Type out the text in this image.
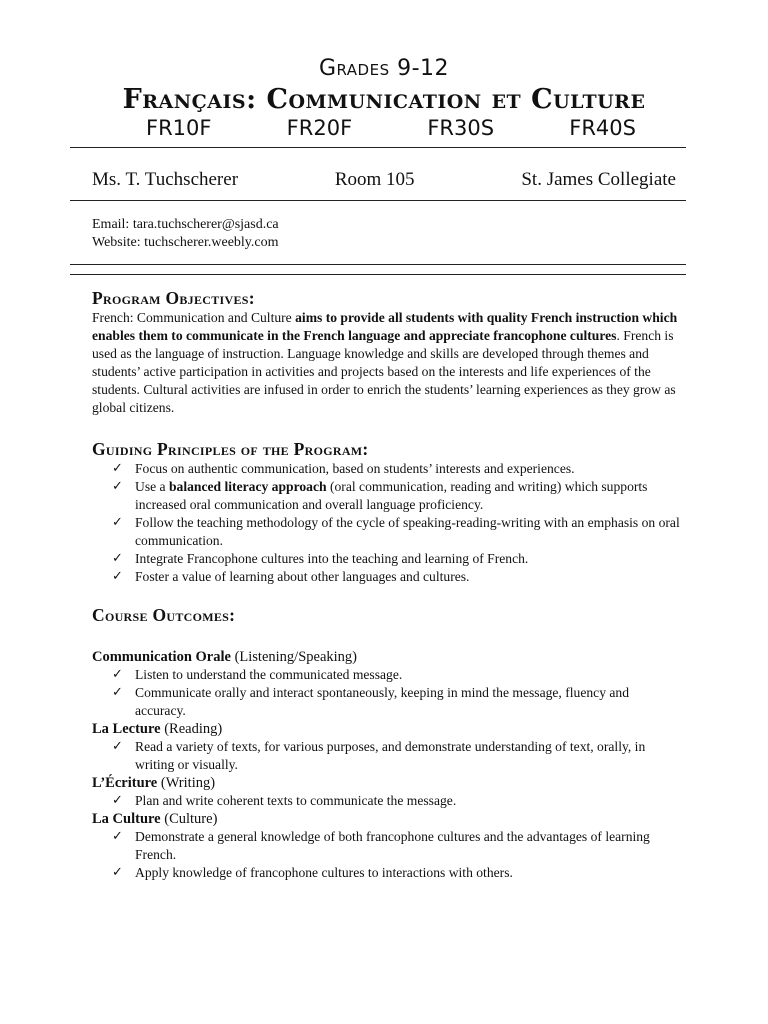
Grades 9-12
Français: Communication et Culture
FR10F	FR20F	FR30S	FR40S
Ms. T. Tuchscherer	Room 105	St. James Collegiate
Email: tara.tuchscherer@sjasd.ca
Website: tuchscherer.weebly.com
Program Objectives:

French: Communication and Culture aims to provide all students with quality French instruction which enables them to communicate in the French language and appreciate francophone cultures. French is used as the language of instruction. Language knowledge and skills are developed through themes and students’ active participation in activities and projects based on the interests and life experiences of the students. Cultural activities are infused in order to enrich the students’ learning experiences as they grow as global citizens.

Guiding Principles of the Program:
✓ Focus on authentic communication, based on students’ interests and experiences.
✓ Use a balanced literacy approach (oral communication, reading and writing) which supports increased oral communication and overall language proficiency.
✓ Follow the teaching methodology of the cycle of speaking-reading-writing with an emphasis on oral communication.
✓ Integrate Francophone cultures into the teaching and learning of French.
✓ Foster a value of learning about other languages and cultures.
Course Outcomes:
Communication Orale (Listening/Speaking)
✓ Listen to understand the communicated message.
✓ Communicate orally and interact spontaneously, keeping in mind the message, fluency and accuracy.
La Lecture (Reading)
✓ Read a variety of texts, for various purposes, and demonstrate understanding of text, orally, in writing or visually.
L’Écriture (Writing)
✓ Plan and write coherent texts to communicate the message.
La Culture (Culture)
✓ Demonstrate a general knowledge of both francophone cultures and the advantages of learning French.
✓ Apply knowledge of francophone cultures to interactions with others.
